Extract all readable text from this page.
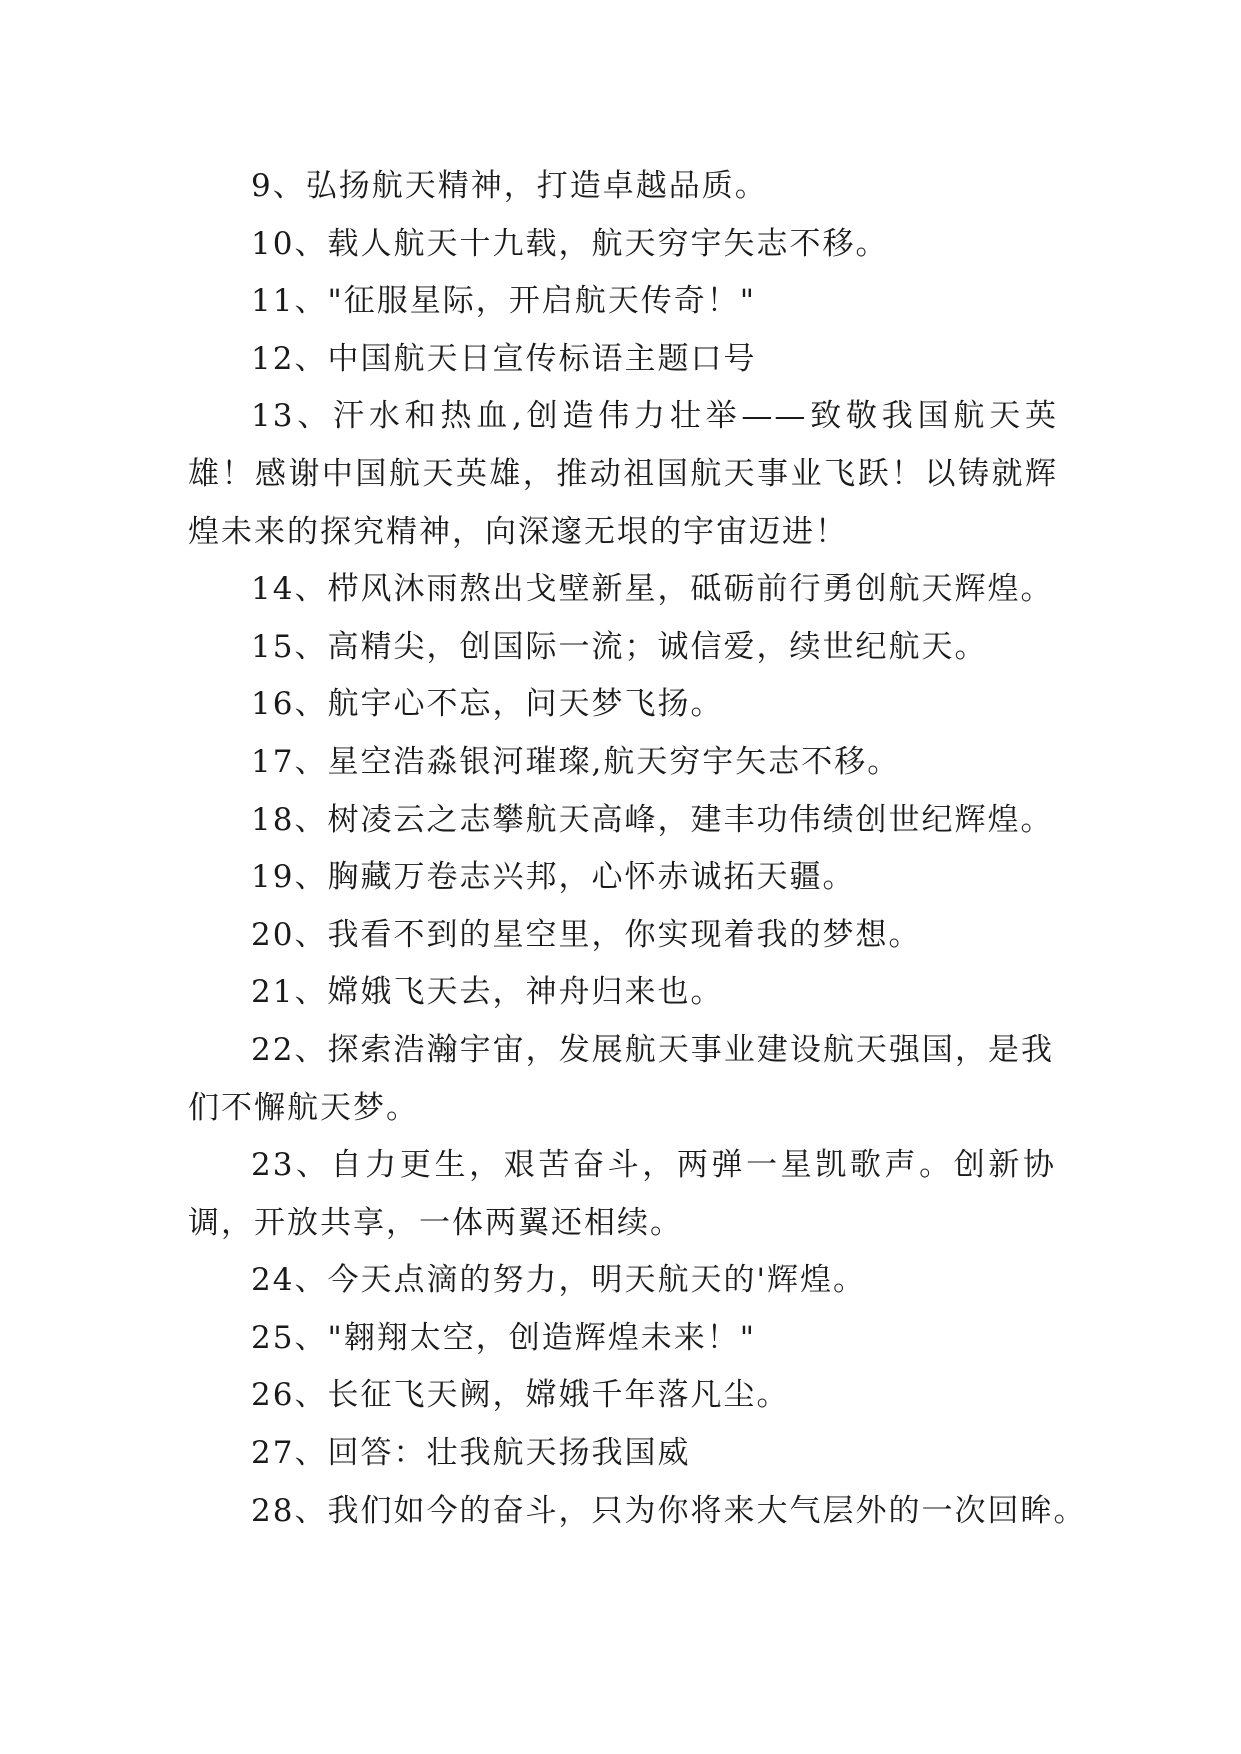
9、弘扬航天精神，打造卓越品质。

10、载人航天十九载，航天穷宇矢志不移。

11、"征服星际，开启航天传奇！"

12、中国航天日宣传标语主题口号

13、汗水和热血,创造伟力壮举——致敬我国航天英雄！感谢中国航天英雄，推动祖国航天事业飞跃！以铸就辉煌未来的探究精神，向深邃无垠的宇宙迈进！

14、栉风沐雨熬出戈壁新星，砥砺前行勇创航天辉煌。

15、高精尖，创国际一流；诚信爱，续世纪航天。

16、航宇心不忘，问天梦飞扬。

17、星空浩淼银河璀璨,航天穷宇矢志不移。

18、树凌云之志攀航天高峰，建丰功伟绩创世纪辉煌。

19、胸藏万卷志兴邦，心怀赤诚拓天疆。

20、我看不到的星空里，你实现着我的梦想。

21、嫦娥飞天去，神舟归来也。

22、探索浩瀚宇宙，发展航天事业建设航天强国，是我们不懈航天梦。

23、自力更生，艰苦奋斗，两弹一星凯歌声。创新协调，开放共享，一体两翼还相续。

24、今天点滴的努力，明天航天的'辉煌。

25、"翱翔太空，创造辉煌未来！"

26、长征飞天阙，嫦娥千年落凡尘。

27、回答：壮我航天扬我国威

28、我们如今的奋斗，只为你将来大气层外的一次回眸。
